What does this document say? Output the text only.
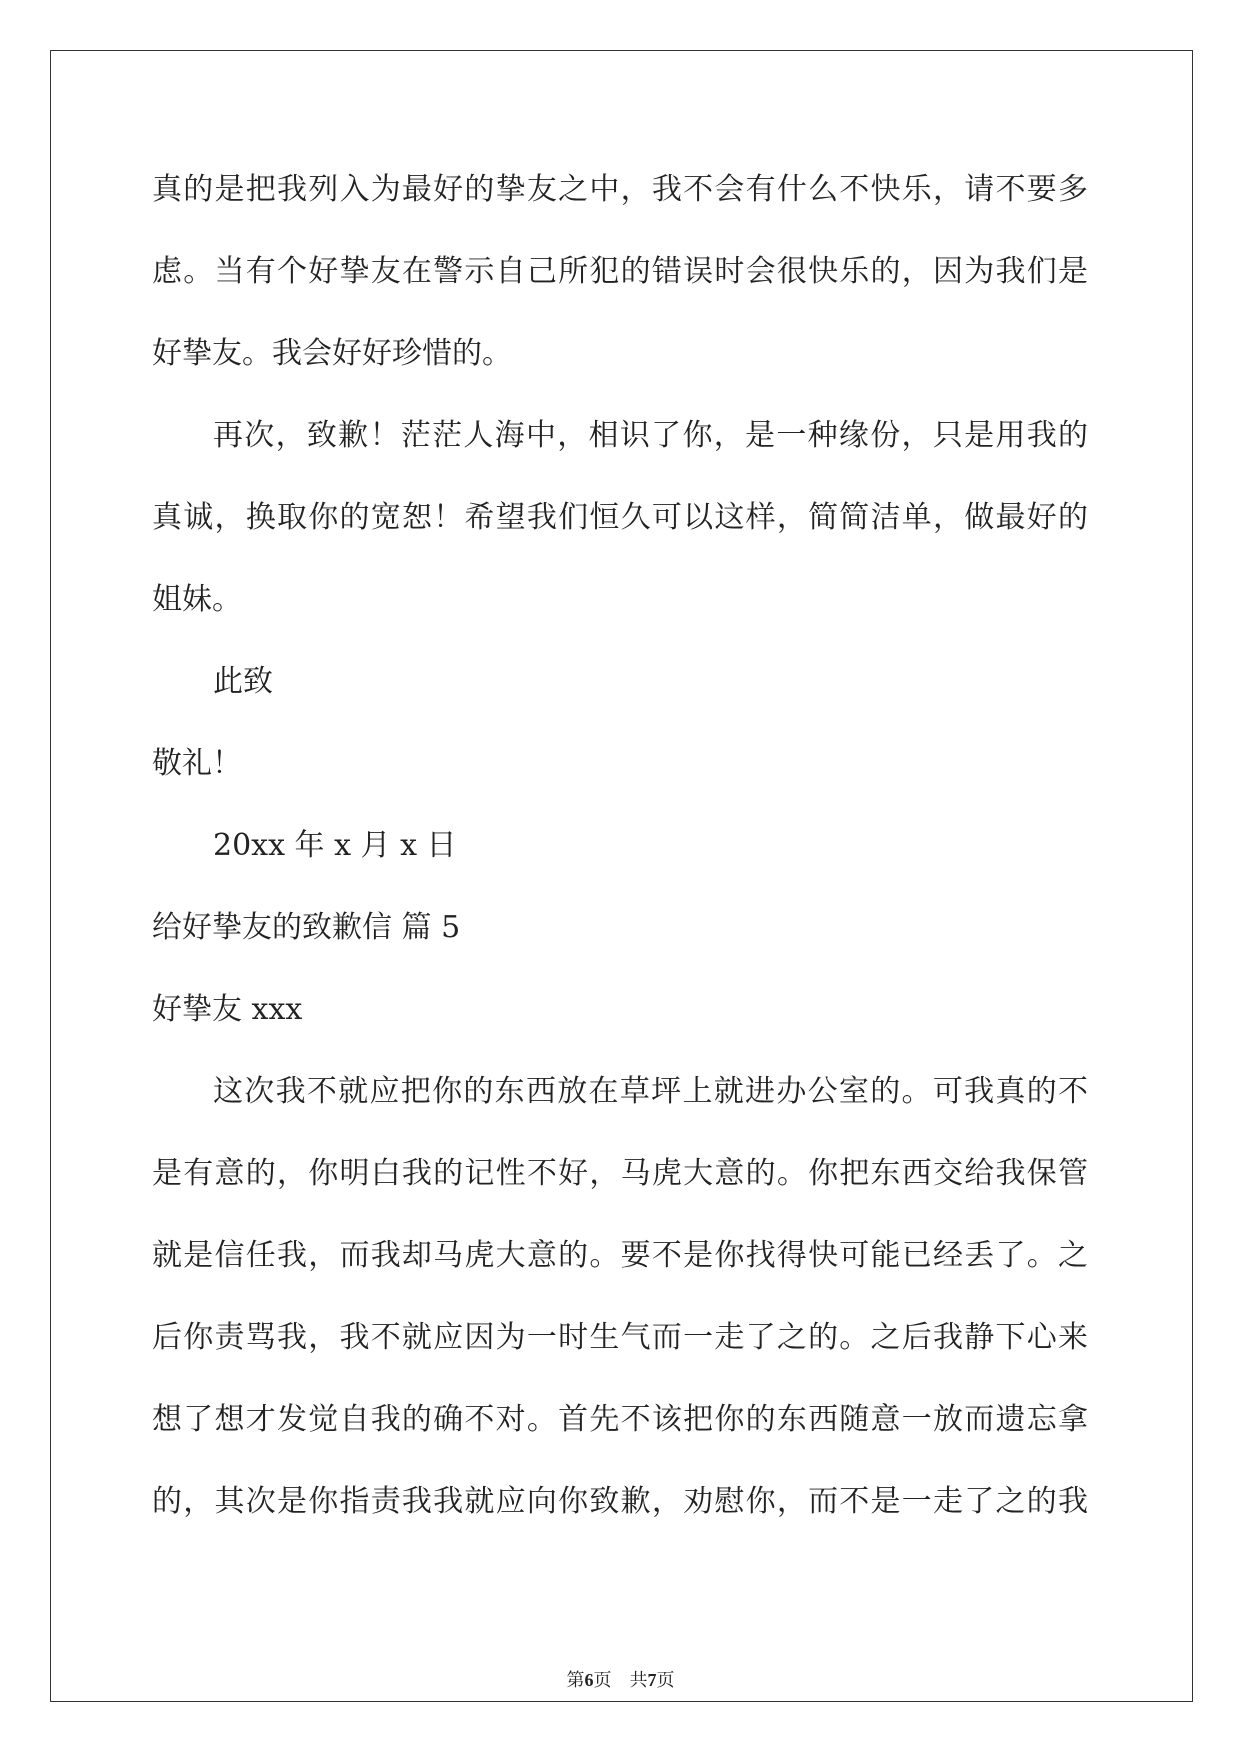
真的是把我列入为最好的挚友之中，我不会有什么不快乐，请不要多
虑。当有个好挚友在警示自己所犯的错误时会很快乐的，因为我们是
好挚友。我会好好珍惜的。
再次，致歉！茫茫人海中，相识了你，是一种缘份，只是用我的
真诚，换取你的宽恕！希望我们恒久可以这样，简简洁单，做最好的
姐妹。
此致
敬礼！
20xx 年 x 月 x 日
给好挚友的致歉信 篇 5
好挚友 xxx
这次我不就应把你的东西放在草坪上就进办公室的。可我真的不
是有意的，你明白我的记性不好，马虎大意的。你把东西交给我保管
就是信任我，而我却马虎大意的。要不是你找得快可能已经丢了。之
后你责骂我，我不就应因为一时生气而一走了之的。之后我静下心来
想了想才发觉自我的确不对。首先不该把你的东西随意一放而遗忘拿
的，其次是你指责我我就应向你致歉，劝慰你，而不是一走了之的我
第6页 共7页
